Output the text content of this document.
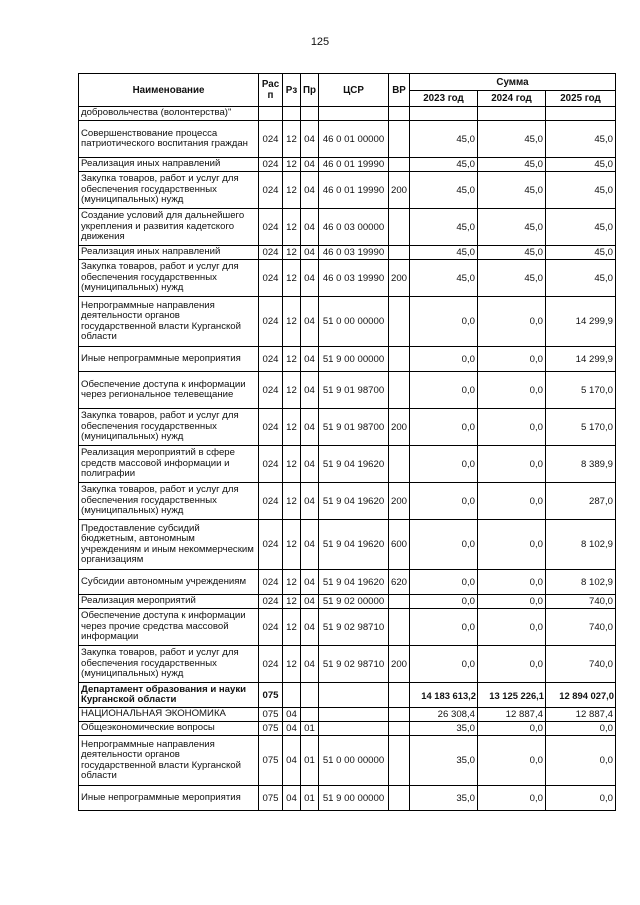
125
Наименование	Рас п	Рз	Пр	ЦСР	ВР	Сумма		
						2023 год	2024 год	2025 год
добровольчества (волонтерства)"								
Совершенствование процесса патриотического воспитания граждан	024	12	04	46 0 01 00000		45,0	45,0	45,0
Реализация иных направлений	024	12	04	46 0 01 19990		45,0	45,0	45,0
Закупка товаров, работ и услуг для обеспечения государственных (муниципальных) нужд	024	12	04	46 0 01 19990	200	45,0	45,0	45,0
Создание условий для дальнейшего укрепления и развития кадетского движения	024	12	04	46 0 03 00000		45,0	45,0	45,0
Реализация иных направлений	024	12	04	46 0 03 19990		45,0	45,0	45,0
Закупка товаров, работ и услуг для обеспечения государственных (муниципальных) нужд	024	12	04	46 0 03 19990	200	45,0	45,0	45,0
Непрограммные направления деятельности органов государственной власти Курганской области	024	12	04	51 0 00 00000		0,0	0,0	14 299,9
Иные непрограммные мероприятия	024	12	04	51 9 00 00000		0,0	0,0	14 299,9
Обеспечение доступа к информации через региональное телевещание	024	12	04	51 9 01 98700		0,0	0,0	5 170,0
Закупка товаров, работ и услуг для обеспечения государственных (муниципальных) нужд	024	12	04	51 9 01 98700	200	0,0	0,0	5 170,0
Реализация мероприятий в сфере средств массовой информации и полиграфии	024	12	04	51 9 04 19620		0,0	0,0	8 389,9
Закупка товаров, работ и услуг для обеспечения государственных (муниципальных) нужд	024	12	04	51 9 04 19620	200	0,0	0,0	287,0
Предоставление субсидий бюджетным, автономным учреждениям и иным некоммерческим организациям	024	12	04	51 9 04 19620	600	0,0	0,0	8 102,9
Субсидии автономным учреждениям	024	12	04	51 9 04 19620	620	0,0	0,0	8 102,9
Реализация мероприятий	024	12	04	51 9 02 00000		0,0	0,0	740,0
Обеспечение доступа к информации через прочие средства массовой информации	024	12	04	51 9 02 98710		0,0	0,0	740,0
Закупка товаров, работ и услуг для обеспечения государственных (муниципальных) нужд	024	12	04	51 9 02 98710	200	0,0	0,0	740,0
Департамент образования и науки Курганской области	075					14 183 613,2	13 125 226,1	12 894 027,0
НАЦИОНАЛЬНАЯ ЭКОНОМИКА	075	04				26 308,4	12 887,4	12 887,4
Общеэкономические вопросы	075	04	01			35,0	0,0	0,0
Непрограммные направления деятельности органов государственной власти Курганской области	075	04	01	51 0 00 00000		35,0	0,0	0,0
Иные непрограммные мероприятия	075	04	01	51 9 00 00000		35,0	0,0	0,0
